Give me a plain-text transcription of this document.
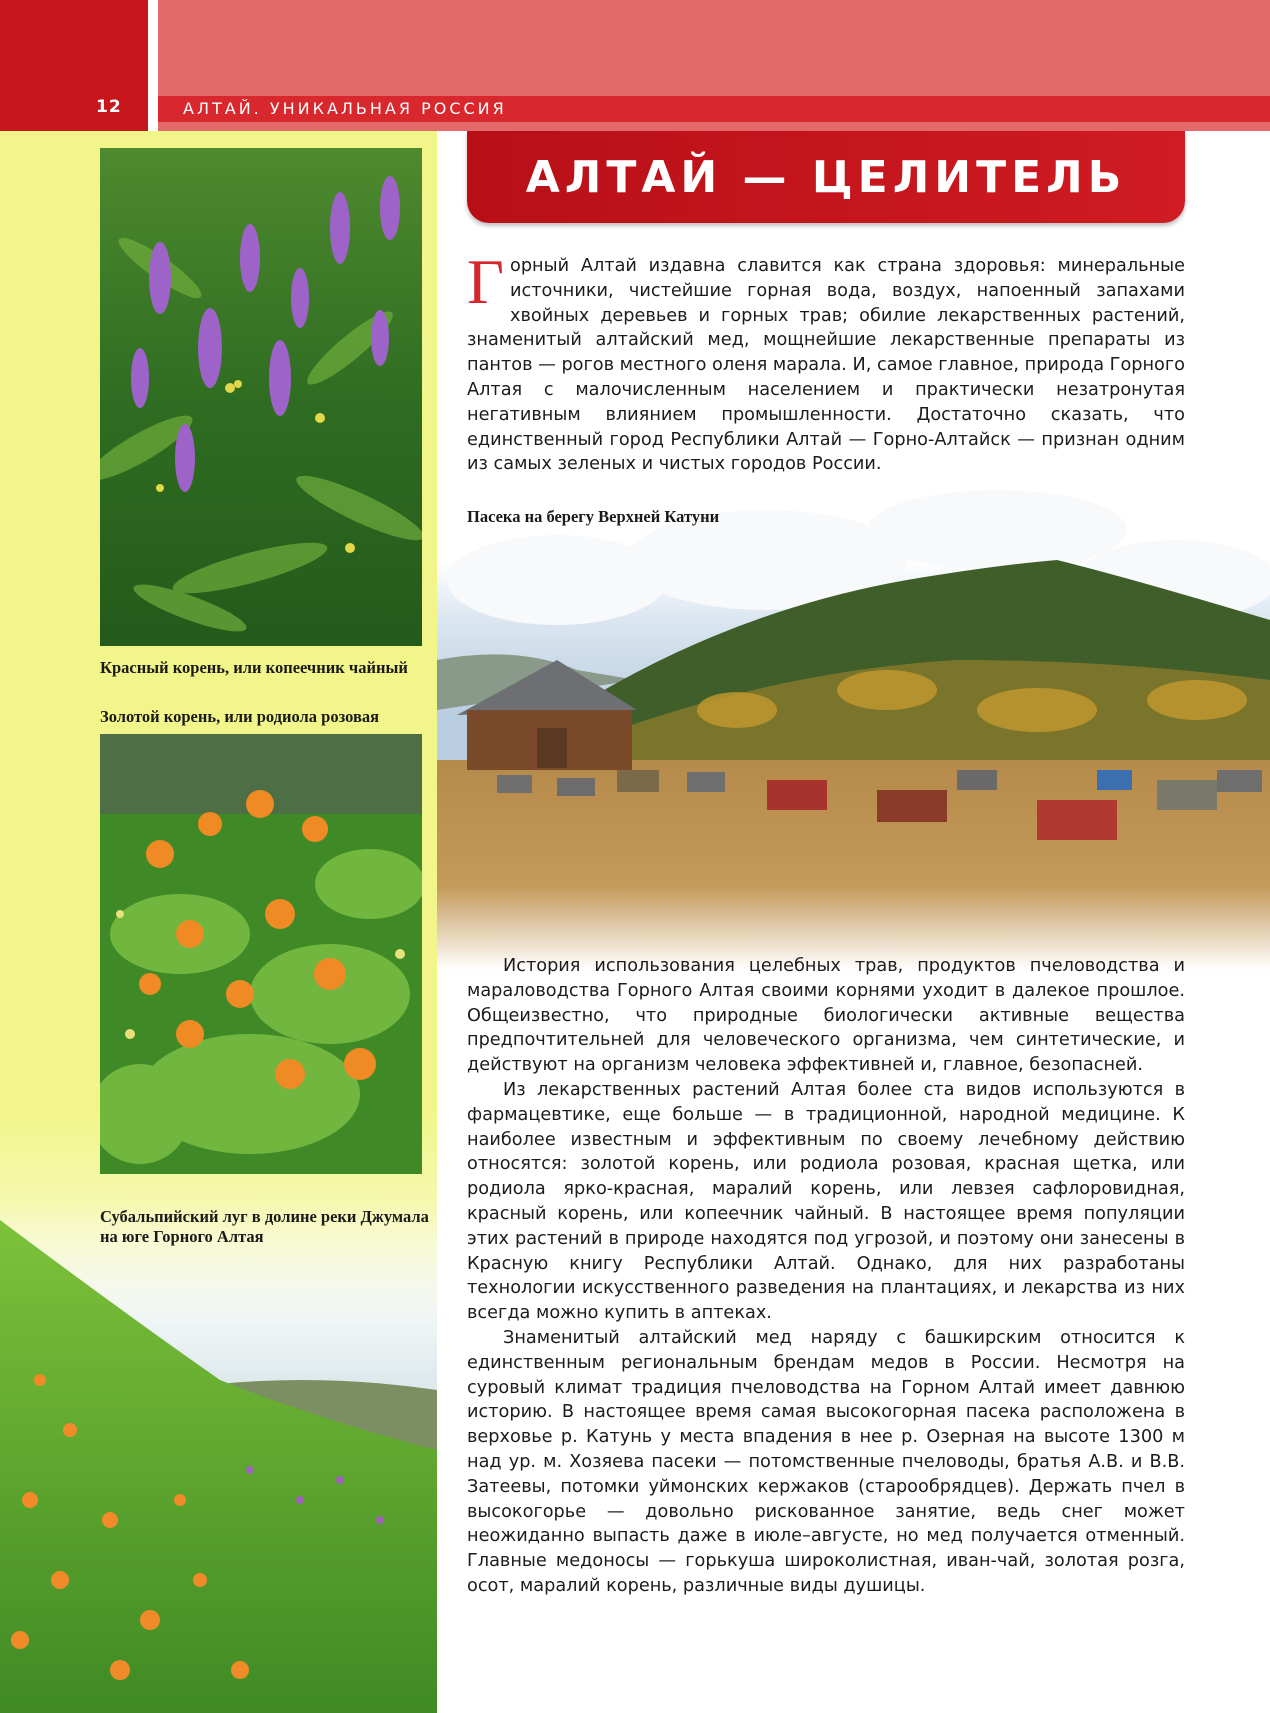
12	АЛТАЙ. УНИКАЛЬНАЯ РОССИЯ
АЛТАЙ — ЦЕЛИТЕЛЬ
Красный корень, или копеечник чайный
Золотой корень, или родиола розовая
Субальпийский луг в долине реки Джумала на юге Горного Алтая
Пасека на берегу Верхней Катуни
Горный Алтай издавна славится как страна здоровья: минеральные источники, чистейшие горная вода, воздух, напоенный запахами хвойных деревьев и горных трав; обилие лекарственных растений, знаменитый алтайский мед, мощнейшие лекарственные препараты из пантов — рогов местного оленя марала. И, самое главное, природа Горного Алтая с малочисленным населением и практически незатронутая негативным влиянием промышленности. Достаточно сказать, что единственный город Республики Алтай — Горно-Алтайск — признан одним из самых зеленых и чистых городов России.

История использования целебных трав, продуктов пчеловодства и мараловодства Горного Алтая своими корнями уходит в далекое прошлое. Общеизвестно, что природные биологически активные вещества предпочтительней для человеческого организма, чем синтетические, и действуют на организм человека эффективней и, главное, безопасней.

Из лекарственных растений Алтая более ста видов используются в фармацевтике, еще больше — в традиционной, народной медицине. К наиболее известным и эффективным по своему лечебному действию относятся: золотой корень, или родиола розовая, красная щетка, или родиола ярко-красная, маралий корень, или левзея сафлоровидная, красный корень, или копеечник чайный. В настоящее время популяции этих растений в природе находятся под угрозой, и поэтому они занесены в Красную книгу Республики Алтай. Однако, для них разработаны технологии искусственного разведения на плантациях, и лекарства из них всегда можно купить в аптеках.

Знаменитый алтайский мед наряду с башкирским относится к единственным региональным брендам медов в России. Несмотря на суровый климат традиция пчеловодства на Горном Алтай имеет давнюю историю. В настоящее время самая высокогорная пасека расположена в верховье р. Катунь у места впадения в нее р. Озерная на высоте 1300 м над ур. м. Хозяева пасеки — потомственные пчеловоды, братья А.В. и В.В. Затеевы, потомки уймонских кержаков (старообрядцев). Держать пчел в высокогорье — довольно рискованное занятие, ведь снег может неожиданно выпасть даже в июле–августе, но мед получается отменный. Главные медоносы — горькуша широколистная, иван-чай, золотая розга, осот, маралий корень, различные виды душицы.
